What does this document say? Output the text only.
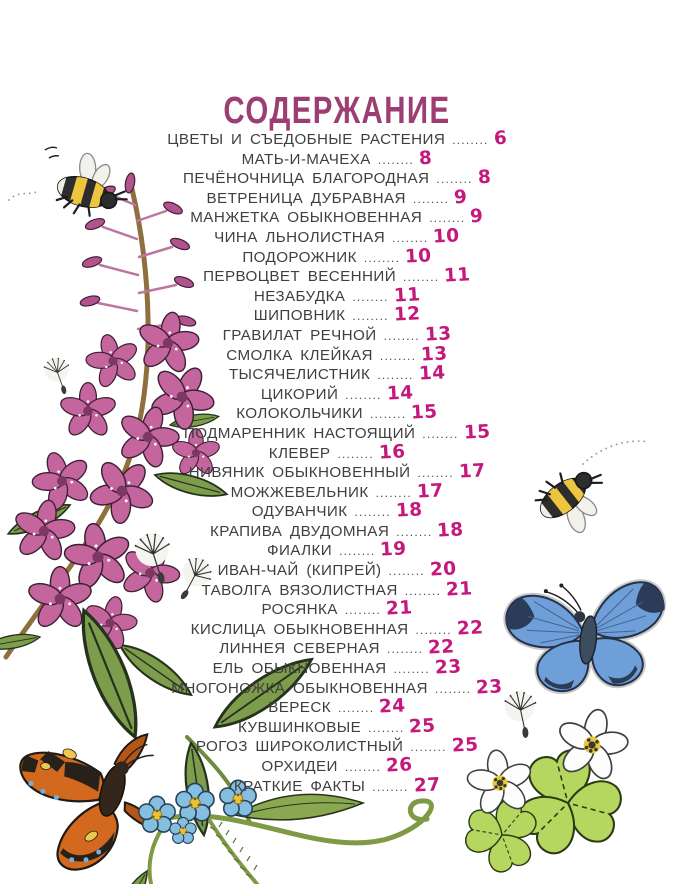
СОДЕРЖАНИЕ
ЦВЕТЫ И СЪЕДОБНЫЕ РАСТЕНИЯ ........ 6
МАТЬ-И-МАЧЕХА ........ 8
ПЕЧЁНОЧНИЦА БЛАГОРОДНАЯ ........ 8
ВЕТРЕНИЦА ДУБРАВНАЯ ........ 9
МАНЖЕТКА ОБЫКНОВЕННАЯ ........ 9
ЧИНА ЛЬНОЛИСТНАЯ ........ 10
ПОДОРОЖНИК ........ 10
ПЕРВОЦВЕТ ВЕСЕННИЙ ........ 11
НЕЗАБУДКА ........ 11
ШИПОВНИК ........ 12
ГРАВИЛАТ РЕЧНОЙ ........ 13
СМОЛКА КЛЕЙКАЯ ........ 13
ТЫСЯЧЕЛИСТНИК ........ 14
ЦИКОРИЙ ........ 14
КОЛОКОЛЬЧИКИ ........ 15
ПОДМАРЕННИК НАСТОЯЩИЙ ........ 15
КЛЕВЕР ........ 16
НИВЯНИК ОБЫКНОВЕННЫЙ ........ 17
МОЖЖЕВЕЛЬНИК ........ 17
ОДУВАНЧИК ........ 18
КРАПИВА ДВУДОМНАЯ ........ 18
ФИАЛКИ ........ 19
ИВАН-ЧАЙ (КИПРЕЙ) ........ 20
ТАВОЛГА ВЯЗОЛИСТНАЯ ........ 21
РОСЯНКА ........ 21
КИСЛИЦА ОБЫКНОВЕННАЯ ........ 22
ЛИННЕЯ СЕВЕРНАЯ ........ 22
ЕЛЬ ОБЫКНОВЕННАЯ ........ 23
МНОГОНОЖКА ОБЫКНОВЕННАЯ ........ 23
ВЕРЕСК ........ 24
КУВШИНКОВЫЕ ........ 25
РОГОЗ ШИРОКОЛИСТНЫЙ ........ 25
ОРХИДЕИ ........ 26
КРАТКИЕ ФАКТЫ ........ 27
